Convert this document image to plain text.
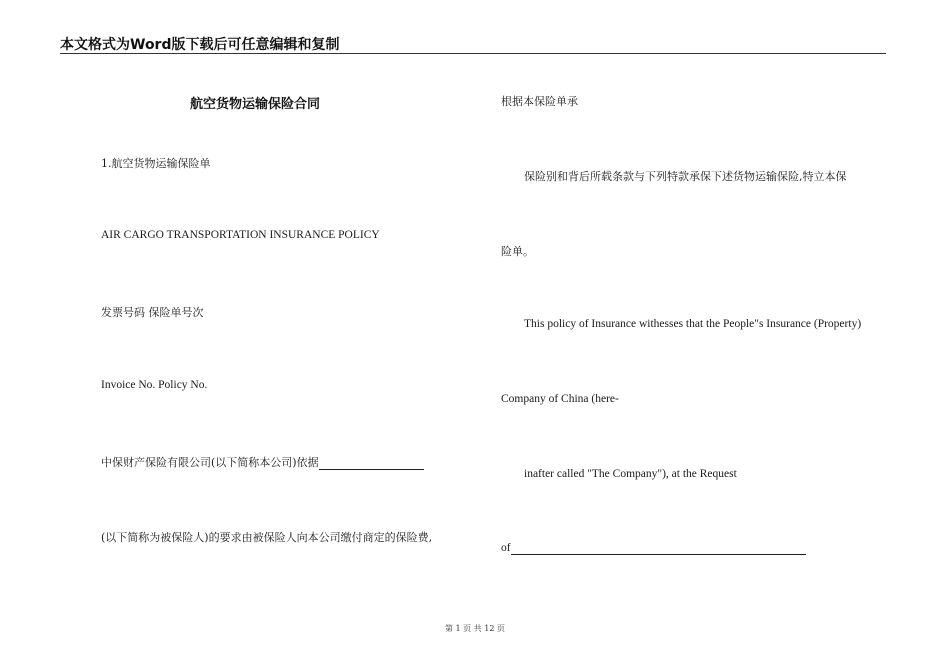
本文格式为Word版下载后可任意编辑和复制
航空货物运输保险合同
1.航空货物运输保险单
AIR CARGO TRANSPORTATION INSURANCE POLICY
发票号码 保险单号次
Invoice No. Policy No.
中保财产保险有限公司(以下简称本公司)依据
(以下简称为被保险人)的要求由被保险人向本公司缴付商定的保险费,
根据本保险单承
保险别和背后所载条款与下列特款承保下述货物运输保险,特立本保
险单。
This policy of Insurance withesses that the People"s Insurance (Property)
Company of China (here-
inafter called "The Company"), at the Request
of
第 1 页 共 12 页
